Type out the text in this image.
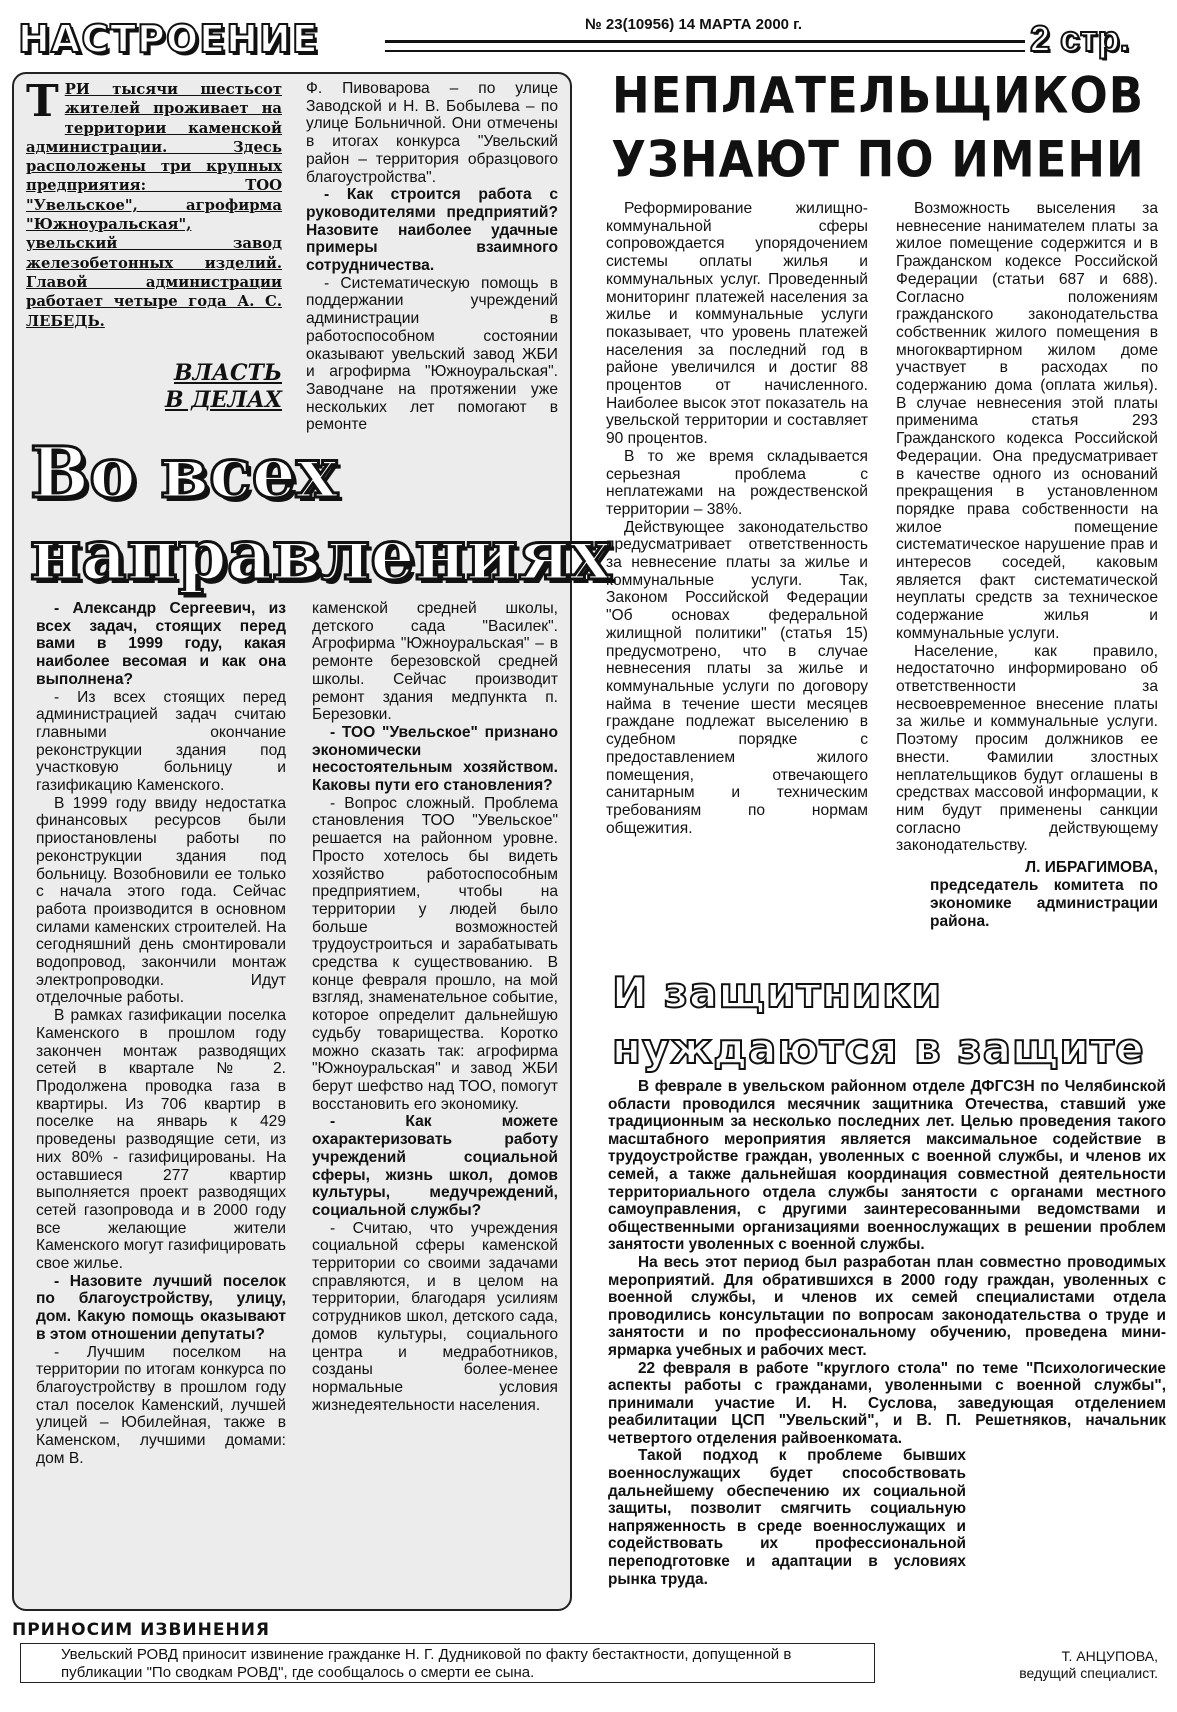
НАСТРОЕНИЕ	№ 23(10956) 14 МАРТА 2000 г.	2 стр.
ТРИ тысячи шестьсот жителей проживает на территории каменской администрации. Здесь расположены три крупных предприятия: ТОО "Увельское", агрофирма "Южноуральская", увельский завод железобетонных изделий. Главой администрации работает четыре года А. С. ЛЕБЕДЬ.
ВЛАСТЬ
В ДЕЛАХ

Ф. Пивоварова – по улице Заводской и Н. В. Бобылева – по улице Больничной. Они отмечены в итогах конкурса "Увельский район – территория образцового благоустройства".

- Как строится работа с руководителями предприятий? Назовите наиболее удачные примеры взаимного сотрудничества.

- Систематическую помощь в поддержании учреждений администрации в работоспособном состоянии оказывают увельский завод ЖБИ и агрофирма "Южноуральская". Заводчане на протяжении уже нескольких лет помогают в ремонте

Во всех
направлениях

- Александр Сергеевич, из всех задач, стоящих перед вами в 1999 году, какая наиболее весомая и как она выполнена?

- Из всех стоящих перед администрацией задач считаю главными окончание реконструкции здания под участковую больницу и газификацию Каменского.

В 1999 году ввиду недостатка финансовых ресурсов были приостановлены работы по реконструкции здания под больницу. Возобновили ее только с начала этого года. Сейчас работа производится в основном силами каменских строителей. На сегодняшний день смонтировали водопровод, закончили монтаж электропроводки. Идут отделочные работы.

В рамках газификации поселка Каменского в прошлом году закончен монтаж разводящих сетей в квартале № 2. Продолжена проводка газа в квартиры. Из 706 квартир в поселке на январь к 429 проведены разводящие сети, из них 80% - газифицированы. На оставшиеся 277 квартир выполняется проект разводящих сетей газопровода и в 2000 году все желающие жители Каменского могут газифицировать свое жилье.

- Назовите лучший поселок по благоустройству, улицу, дом. Какую помощь оказывают в этом отношении депутаты?

- Лучшим поселком на территории по итогам конкурса по благоустройству в прошлом году стал поселок Каменский, лучшей улицей – Юбилейная, также в Каменском, лучшими домами: дом В.

каменской средней школы, детского сада "Василек". Агрофирма "Южноуральская" – в ремонте березовской средней школы. Сейчас производит ремонт здания медпункта п. Березовки.

- ТОО "Увельское" признано экономически несостоятельным хозяйством. Каковы пути его становления?

- Вопрос сложный. Проблема становления ТОО "Увельское" решается на районном уровне. Просто хотелось бы видеть хозяйство работоспособным предприятием, чтобы на территории у людей было больше возможностей трудоустроиться и зарабатывать средства к существованию. В конце февраля прошло, на мой взгляд, знаменательное событие, которое определит дальнейшую судьбу товарищества. Коротко можно сказать так: агрофирма "Южноуральская" и завод ЖБИ берут шефство над ТОО, помогут восстановить его экономику.

- Как можете охарактеризовать работу учреждений социальной сферы, жизнь школ, домов культуры, медучреждений, социальной службы?

- Считаю, что учреждения социальной сферы каменской территории со своими задачами справляются, и в целом на территории, благодаря усилиям сотрудников школ, детского сада, домов культуры, социального центра и медработников, созданы более-менее нормальные условия жизнедеятельности населения.

НЕПЛАТЕЛЬЩИКОВ УЗНАЮТ ПО ИМЕНИ

Реформирование жилищно-коммунальной сферы сопровождается упорядочением системы оплаты жилья и коммунальных услуг. Проведенный мониторинг платежей населения за жилье и коммунальные услуги показывает, что уровень платежей населения за последний год в районе увеличился и достиг 88 процентов от начисленного. Наиболее высок этот показатель на увельской территории и составляет 90 процентов.

В то же время складывается серьезная проблема с неплатежами на рождественской территории – 38%.

Действующее законодательство предусматривает ответственность за невнесение платы за жилье и коммунальные услуги. Так, Законом Российской Федерации "Об основах федеральной жилищной политики" (статья 15) предусмотрено, что в случае невнесения платы за жилье и коммунальные услуги по договору найма в течение шести месяцев граждане подлежат выселению в судебном порядке с предоставлением жилого помещения, отвечающего санитарным и техническим требованиям по нормам общежития.

Возможность выселения за невнесение нанимателем платы за жилое помещение содержится и в Гражданском кодексе Российской Федерации (статьи 687 и 688). Согласно положениям гражданского законодательства собственник жилого помещения в многоквартирном жилом доме участвует в расходах по содержанию дома (оплата жилья). В случае невнесения этой платы применима статья 293 Гражданского кодекса Российской Федерации. Она предусматривает в качестве одного из оснований прекращения в установленном порядке права собственности на жилое помещение систематическое нарушение прав и интересов соседей, каковым является факт систематической неуплаты средств за техническое содержание жилья и коммунальные услуги.

Население, как правило, недостаточно информировано об ответственности за несвоевременное внесение платы за жилье и коммунальные услуги. Поэтому просим должников ее внести. Фамилии злостных неплательщиков будут оглашены в средствах массовой информации, к ним будут применены санкции согласно действующему законодательству.

Л. ИБРАГИМОВА,
председатель комитета по экономике администрации района.
И защитники
нуждаются в защите

В феврале в увельском районном отделе ДФГСЗН по Челябинской области проводился месячник защитника Отечества, ставший уже традиционным за несколько последних лет. Целью проведения такого масштабного мероприятия является максимальное содействие в трудоустройстве граждан, уволенных с военной службы, и членов их семей, а также дальнейшая координация совместной деятельности территориального отдела службы занятости с органами местного самоуправления, с другими заинтересованными ведомствами и общественными организациями военнослужащих в решении проблем занятости уволенных с военной службы.

На весь этот период был разработан план совместно проводимых мероприятий. Для обратившихся в 2000 году граждан, уволенных с военной службы, и членов их семей специалистами отдела проводились консультации по вопросам законодательства о труде и занятости и по профессиональному обучению, проведена мини-ярмарка учебных и рабочих мест.

22 февраля в работе "круглого стола" по теме "Психологические аспекты работы с гражданами, уволенными с военной службы", принимали участие И. Н. Суслова, заведующая отделением реабилитации ЦСП "Увельский", и В. П. Решетняков, начальник четвертого отделения райвоенкомата.

Такой подход к проблеме бывших военнослужащих будет способствовать дальнейшему обеспечению их социальной защиты, позволит смягчить социальную напряженность в среде военнослужащих и содействовать их профессиональной переподготовке и адаптации в условиях рынка труда.

ПРИНОСИМ ИЗВИНЕНИЯ
Увельский РОВД приносит извинение гражданке Н. Г. Дудниковой по факту бестактности, допущенной в публикации "По сводкам РОВД", где сообщалось о смерти ее сына.
Т. АНЦУПОВА,
ведущий специалист.
